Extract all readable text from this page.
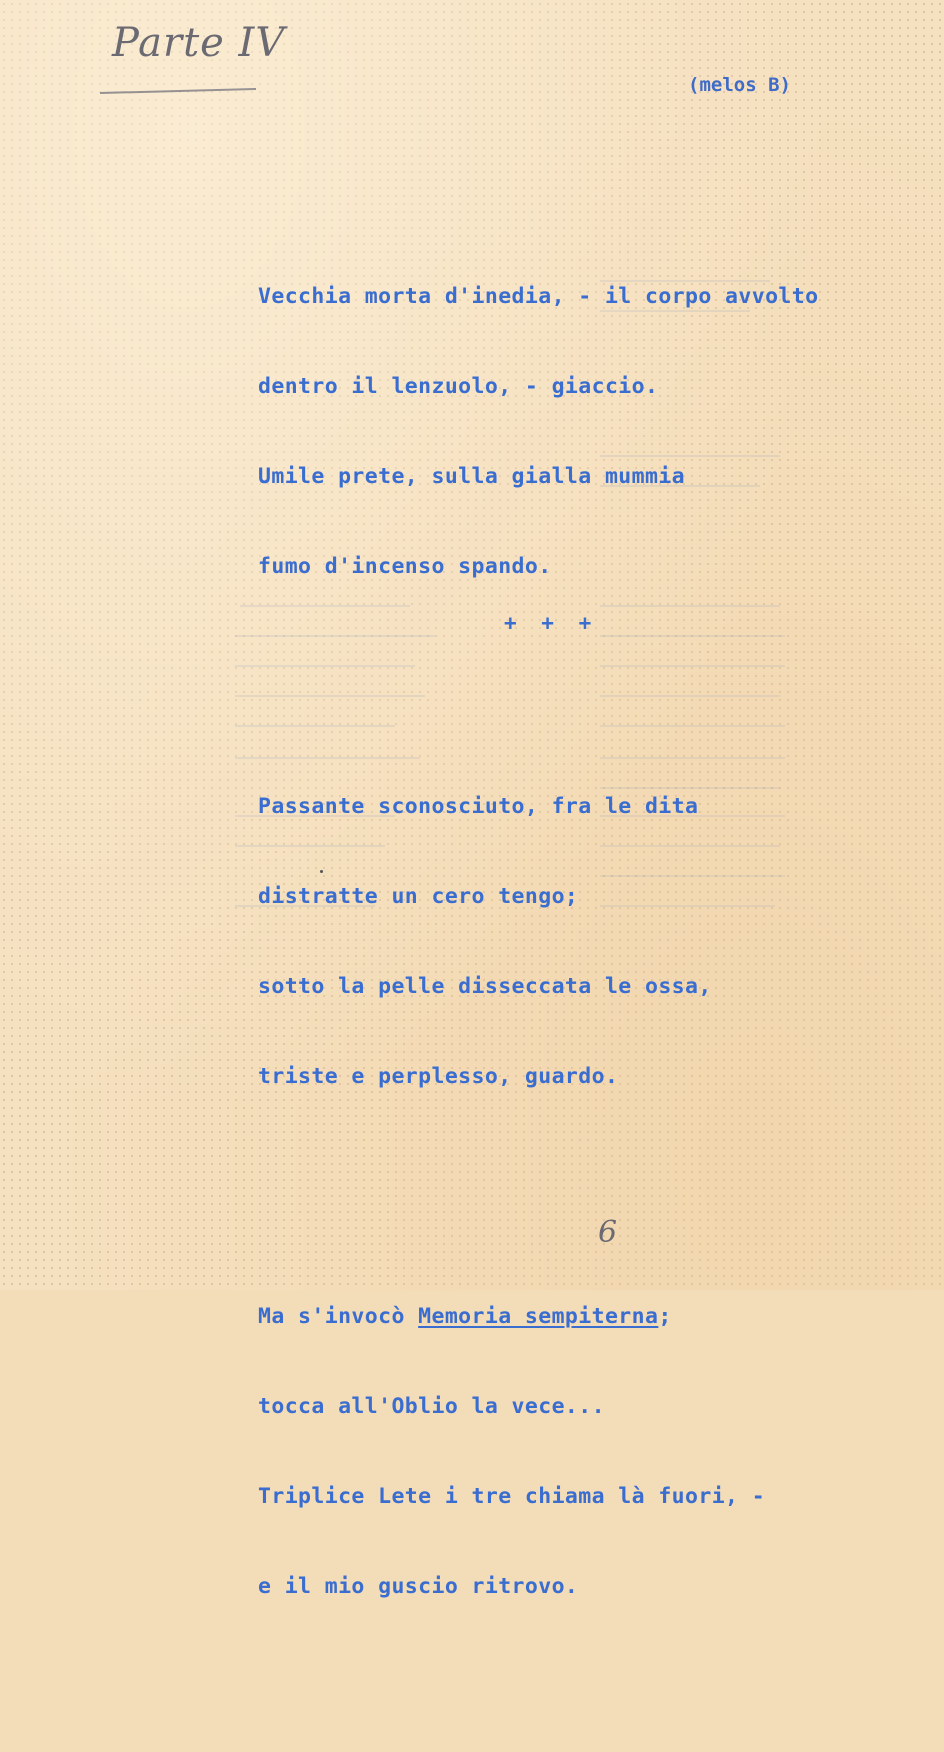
Parte IV
(melos B)

Vecchia morta d'inedia, - il corpo avvolto

dentro il lenzuolo, - giaccio.

Umile prete, sulla gialla mummia

fumo d'incenso spando.

Passante sconosciuto, fra le dita

distratte un cero tengo;

sotto la pelle disseccata le ossa,

triste e perplesso, guardo.

Ma s'invocò Memoria sempiterna;

tocca all'Oblio la vece...

Triplice Lete i tre chiama là fuori, -

e il mio guscio ritrovo.

+ + +
6
